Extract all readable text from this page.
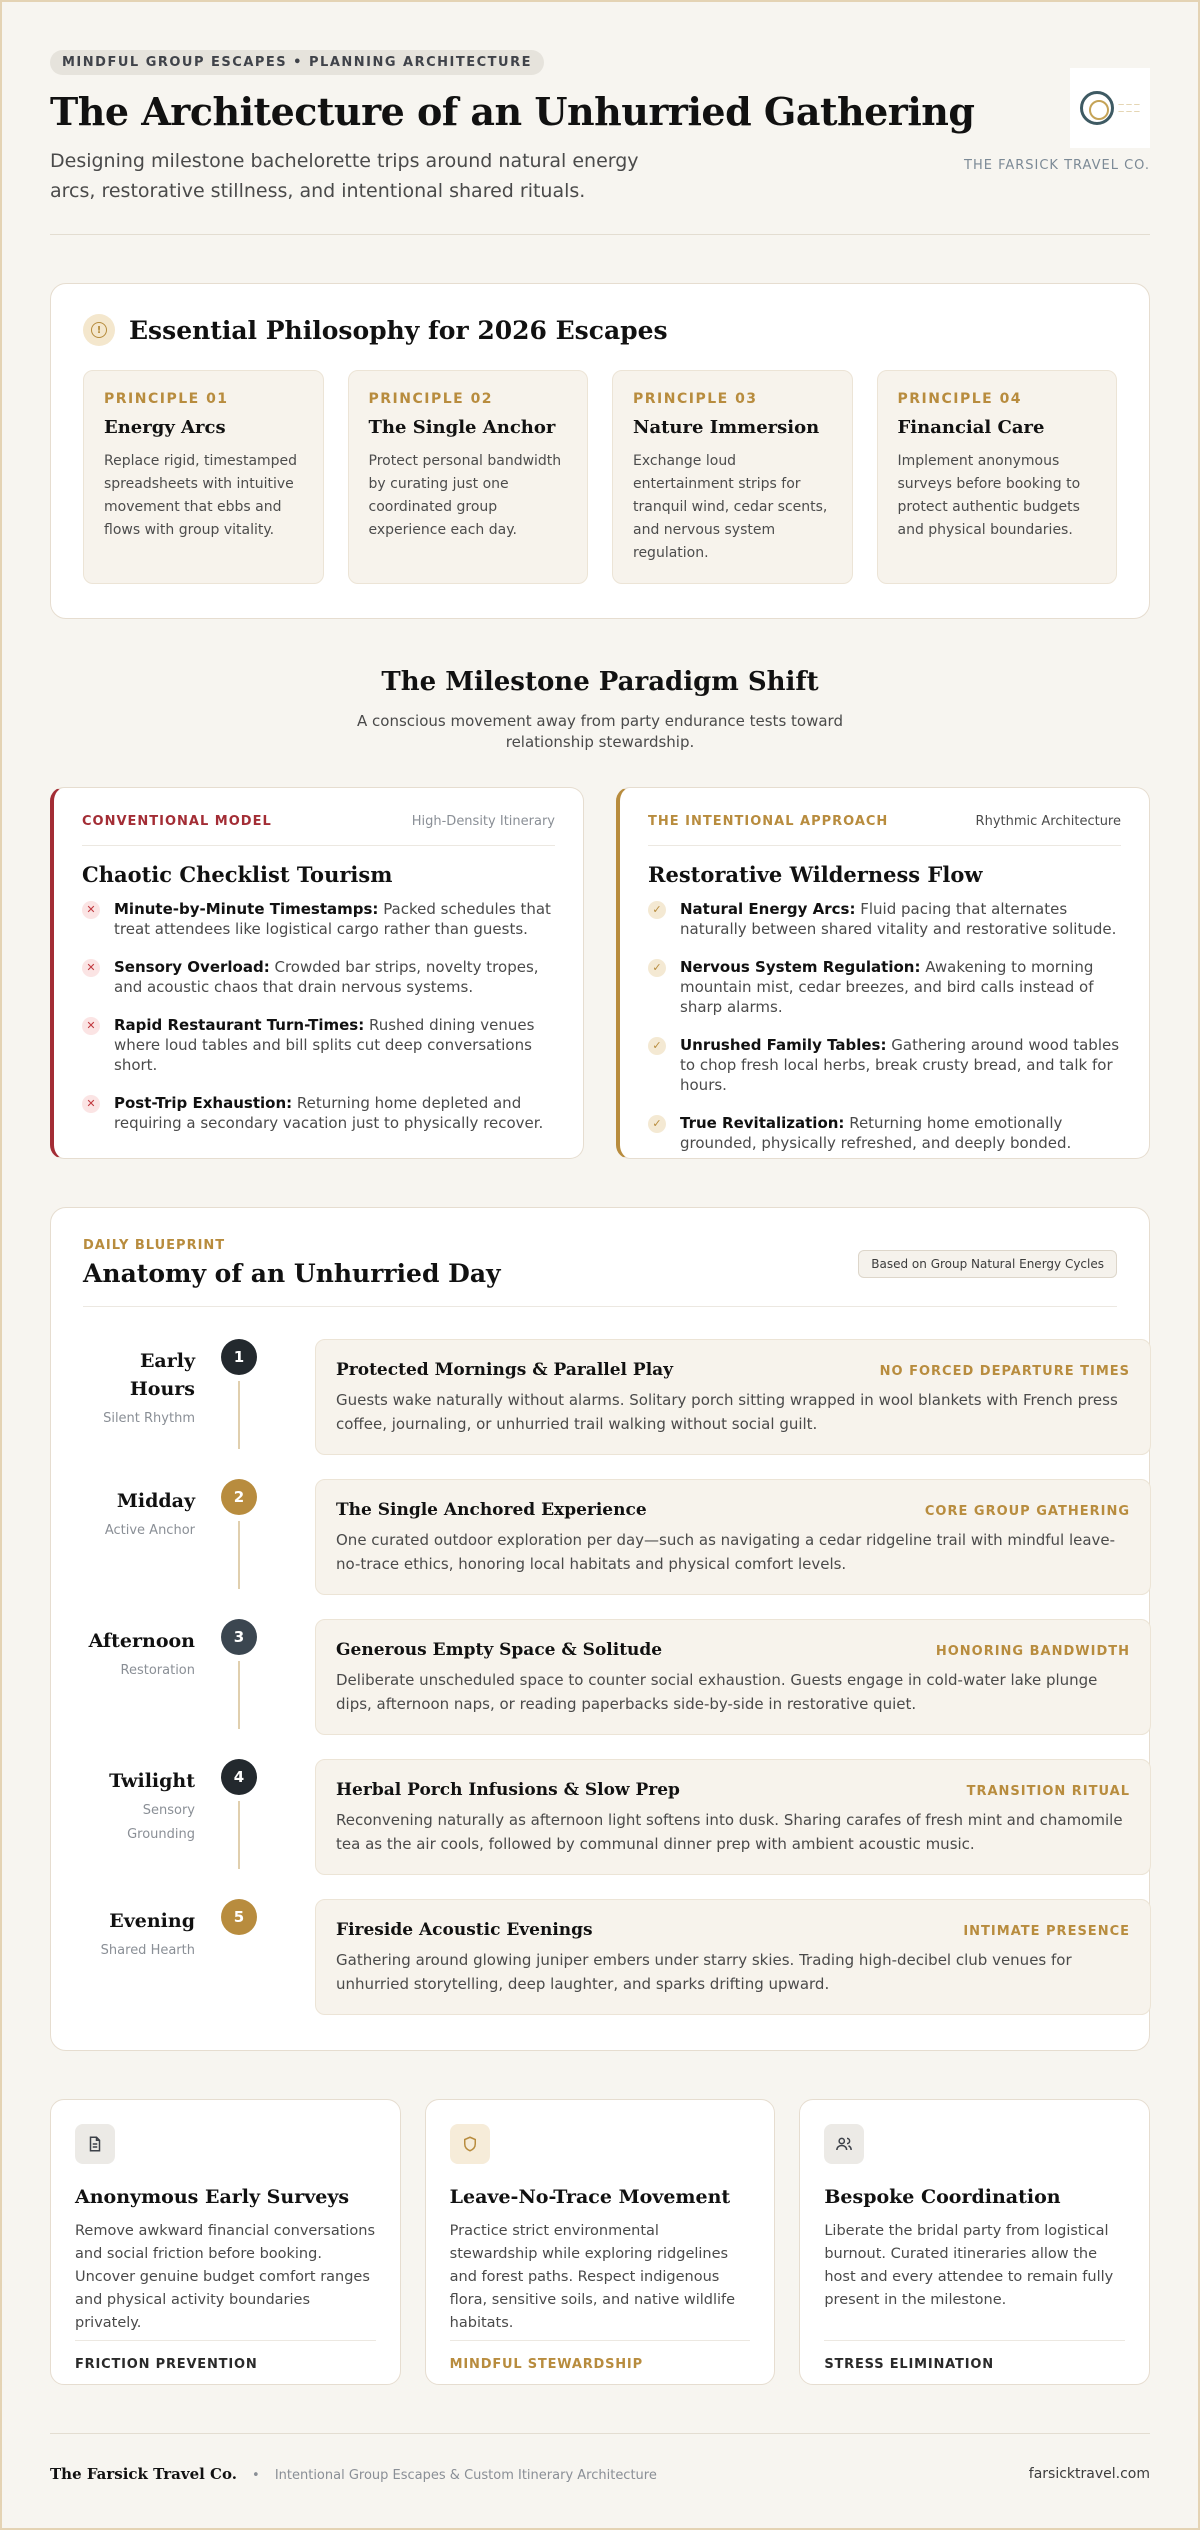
MINDFUL GROUP ESCAPES • PLANNING ARCHITECTURE
The Architecture of an Unhurried Gathering

Designing milestone bachelorette trips around natural energy arcs, restorative stillness, and intentional shared rituals.

— — —
— — —
THE FARSICK TRAVEL CO.
! Essential Philosophy for 2026 Escapes
PRINCIPLE 01
Energy Arcs
Replace rigid, timestamped spreadsheets with intuitive movement that ebbs and flows with group vitality.
PRINCIPLE 02
The Single Anchor
Protect personal bandwidth by curating just one coordinated group experience each day.
PRINCIPLE 03
Nature Immersion
Exchange loud entertainment strips for tranquil wind, cedar scents, and nervous system regulation.
PRINCIPLE 04
Financial Care
Implement anonymous surveys before booking to protect authentic budgets and physical boundaries.
The Milestone Paradigm Shift

A conscious movement away from party endurance tests toward relationship stewardship.

CONVENTIONAL MODEL	High-Density Itinerary
Chaotic Checklist Tourism
✕ Minute-by-Minute Timestamps: Packed schedules that treat attendees like logistical cargo rather than guests.
✕ Sensory Overload: Crowded bar strips, novelty tropes, and acoustic chaos that drain nervous systems.
✕ Rapid Restaurant Turn-Times: Rushed dining venues where loud tables and bill splits cut deep conversations short.
✕ Post-Trip Exhaustion: Returning home depleted and requiring a secondary vacation just to physically recover.
THE INTENTIONAL APPROACH	Rhythmic Architecture
Restorative Wilderness Flow
✓ Natural Energy Arcs: Fluid pacing that alternates naturally between shared vitality and restorative solitude.
✓ Nervous System Regulation: Awakening to morning mountain mist, cedar breezes, and bird calls instead of sharp alarms.
✓ Unrushed Family Tables: Gathering around wood tables to chop fresh local herbs, break crusty bread, and talk for hours.
✓ True Revitalization: Returning home emotionally grounded, physically refreshed, and deeply bonded.
DAILY BLUEPRINT
Anatomy of an Unhurried Day	Based on Group Natural Energy Cycles
Early Hours
Silent Rhythm
1
Protected Mornings & Parallel Play	NO FORCED DEPARTURE TIMES
Guests wake naturally without alarms. Solitary porch sitting wrapped in wool blankets with French press coffee, journaling, or unhurried trail walking without social guilt.
Midday
Active Anchor
2
The Single Anchored Experience	CORE GROUP GATHERING
One curated outdoor exploration per day—such as navigating a cedar ridgeline trail with mindful leave-no-trace ethics, honoring local habitats and physical comfort levels.
Afternoon
Restoration
3
Generous Empty Space & Solitude	HONORING BANDWIDTH
Deliberate unscheduled space to counter social exhaustion. Guests engage in cold-water lake plunge dips, afternoon naps, or reading paperbacks side-by-side in restorative quiet.
Twilight
Sensory Grounding
4
Herbal Porch Infusions & Slow Prep	TRANSITION RITUAL
Reconvening naturally as afternoon light softens into dusk. Sharing carafes of fresh mint and chamomile tea as the air cools, followed by communal dinner prep with ambient acoustic music.
Evening
Shared Hearth
5
Fireside Acoustic Evenings	INTIMATE PRESENCE
Gathering around glowing juniper embers under starry skies. Trading high-decibel club venues for unhurried storytelling, deep laughter, and sparks drifting upward.
Anonymous Early Surveys

Remove awkward financial conversations and social friction before booking. Uncover genuine budget comfort ranges and physical activity boundaries privately.

FRICTION PREVENTION
Leave-No-Trace Movement

Practice strict environmental stewardship while exploring ridgelines and forest paths. Respect indigenous flora, sensitive soils, and native wildlife habitats.

MINDFUL STEWARDSHIP
Bespoke Coordination

Liberate the bridal party from logistical burnout. Curated itineraries allow the host and every attendee to remain fully present in the milestone.

STRESS ELIMINATION
The Farsick Travel Co. • Intentional Group Escapes & Custom Itinerary Architecture	farsicktravel.com
